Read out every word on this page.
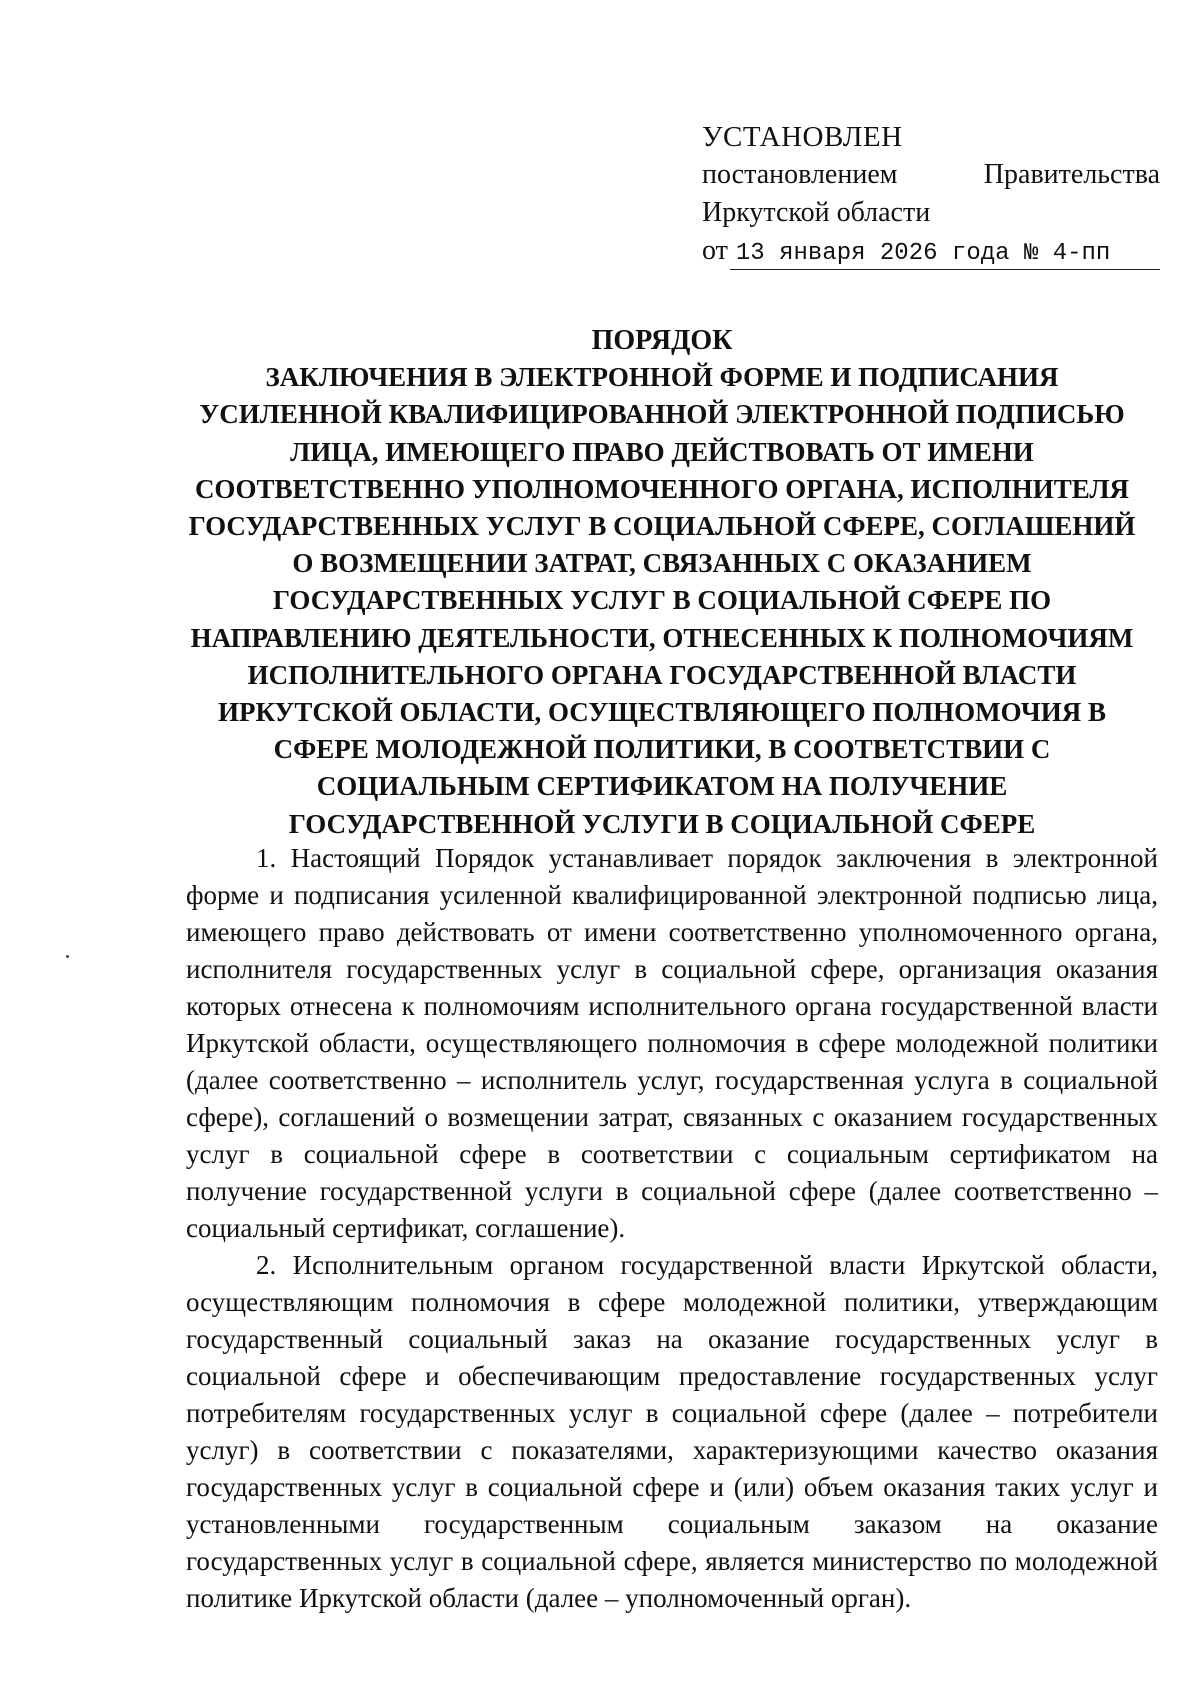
УСТАНОВЛЕН
постановлением	Правительства
Иркутской области
от 13 января 2026 года № 4-пп
ПОРЯДОК
ЗАКЛЮЧЕНИЯ В ЭЛЕКТРОННОЙ ФОРМЕ И ПОДПИСАНИЯ УСИЛЕННОЙ КВАЛИФИЦИРОВАННОЙ ЭЛЕКТРОННОЙ ПОДПИСЬЮ ЛИЦА, ИМЕЮЩЕГО ПРАВО ДЕЙСТВОВАТЬ ОТ ИМЕНИ СООТВЕТСТВЕННО УПОЛНОМОЧЕННОГО ОРГАНА, ИСПОЛНИТЕЛЯ ГОСУДАРСТВЕННЫХ УСЛУГ В СОЦИАЛЬНОЙ СФЕРЕ, СОГЛАШЕНИЙ О ВОЗМЕЩЕНИИ ЗАТРАТ, СВЯЗАННЫХ С ОКАЗАНИЕМ ГОСУДАРСТВЕННЫХ УСЛУГ В СОЦИАЛЬНОЙ СФЕРЕ ПО НАПРАВЛЕНИЮ ДЕЯТЕЛЬНОСТИ, ОТНЕСЕННЫХ К ПОЛНОМОЧИЯМ ИСПОЛНИТЕЛЬНОГО ОРГАНА ГОСУДАРСТВЕННОЙ ВЛАСТИ ИРКУТСКОЙ ОБЛАСТИ, ОСУЩЕСТВЛЯЮЩЕГО ПОЛНОМОЧИЯ В СФЕРЕ МОЛОДЕЖНОЙ ПОЛИТИКИ, В СООТВЕТСТВИИ С СОЦИАЛЬНЫМ СЕРТИФИКАТОМ НА ПОЛУЧЕНИЕ ГОСУДАРСТВЕННОЙ УСЛУГИ В СОЦИАЛЬНОЙ СФЕРЕ

1. Настоящий Порядок устанавливает порядок заключения в электронной форме и подписания усиленной квалифицированной электронной подписью лица, имеющего право действовать от имени соответственно уполномоченного органа, исполнителя государственных услуг в социальной сфере, организация оказания которых отнесена к полномочиям исполнительного органа государственной власти Иркутской области, осуществляющего полномочия в сфере молодежной политики (далее соответственно – исполнитель услуг, государственная услуга в социальной сфере), соглашений о возмещении затрат, связанных с оказанием государственных услуг в социальной сфере в соответствии с социальным сертификатом на получение государственной услуги в социальной сфере (далее соответственно – социальный сертификат, соглашение).

2. Исполнительным органом государственной власти Иркутской области, осуществляющим полномочия в сфере молодежной политики, утверждающим государственный социальный заказ на оказание государственных услуг в социальной сфере и обеспечивающим предоставление государственных услуг потребителям государственных услуг в социальной сфере (далее – потребители услуг) в соответствии с показателями, характеризующими качество оказания государственных услуг в социальной сфере и (или) объем оказания таких услуг и установленными государственным социальным заказом на оказание государственных услуг в социальной сфере, является министерство по молодежной политике Иркутской области (далее – уполномоченный орган).
